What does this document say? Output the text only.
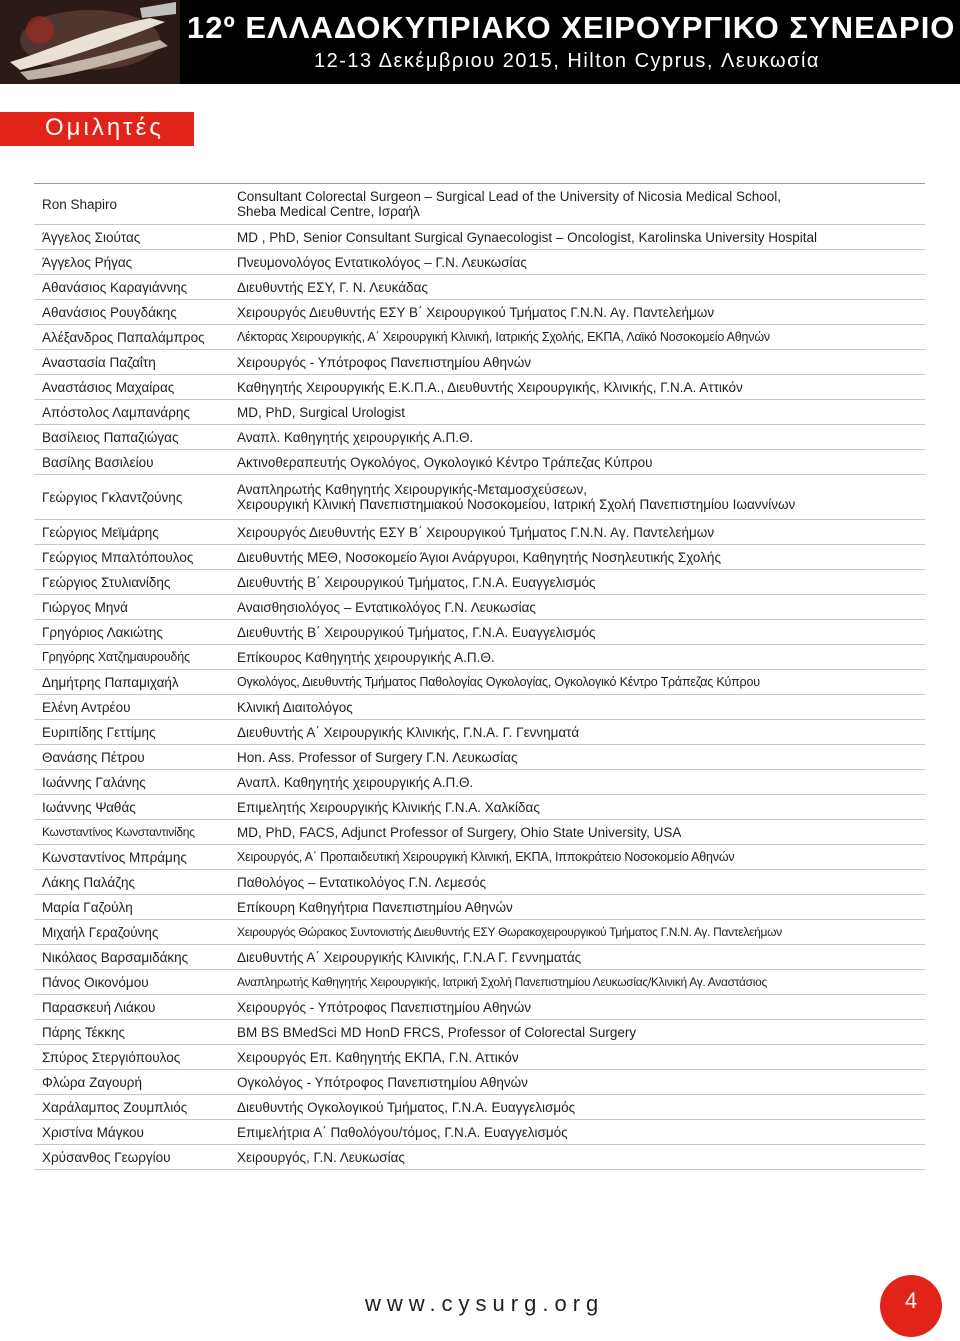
12º ΕΛΛΑΔΟΚΥΠΡΙΑΚΟ ΧΕΙΡΟΥΡΓΙΚΟ ΣΥΝΕΔΡΙΟ
12-13 Δεκέμβριου 2015, Hilton Cyprus, Λευκωσία
Ομιλητές
Ron Shapiro	Consultant Colorectal Surgeon – Surgical Lead of the University of Nicosia Medical School,
Sheba Medical Centre, Ισραήλ

Άγγελος Σιούτας	MD , PhD, Senior Consultant Surgical Gynaecologist – Oncologist, Karolinska University Hospital

Άγγελος Ρήγας	Πνευμονολόγος Εντατικολόγος – Γ.Ν. Λευκωσίας

Αθανάσιος Καραγιάννης	Διευθυντής ΕΣΥ, Γ. Ν. Λευκάδας

Αθανάσιος Ρουγδάκης	Χειρουργός Διευθυντής ΕΣΥ Β΄ Χειρουργικού Τμήματος Γ.Ν.Ν. Αγ. Παντελεήμων

Αλέξανδρος Παπαλάμπρος	Λέκτορας Χειρουργικής, Α΄ Χειρουργική Κλινική, Ιατρικής Σχολής, ΕΚΠΑ, Λαϊκό Νοσοκομείο Αθηνών

Αναστασία Παζαΐτη	Χειρουργός - Υπότροφος Πανεπιστημίου Αθηνών

Αναστάσιος Μαχαίρας	Καθηγητής Χειρουργικής Ε.Κ.Π.Α., Διευθυντής Χειρουργικής, Κλινικής, Γ.Ν.Α. Αττικόν

Απόστολος Λαμπανάρης	MD, PhD, Surgical Urologist

Βασίλειος Παπαζιώγας	Αναπλ. Καθηγητής χειρουργικής Α.Π.Θ.

Βασίλης Βασιλείου	Ακτινοθεραπευτής Ογκολόγος, Ογκολογικό Κέντρο Τράπεζας Κύπρου

Γεώργιος Γκλαντζούνης	Αναπληρωτής Καθηγητής Χειρουργικής-Μεταμοσχεύσεων,
Χειρουργική Κλινική Πανεπιστημιακού Νοσοκομείου, Ιατρική Σχολή Πανεπιστημίου Ιωαννίνων

Γεώργιος Μεϊμάρης	Χειρουργός Διευθυντής ΕΣΥ Β΄ Χειρουργικού Τμήματος Γ.Ν.Ν. Αγ. Παντελεήμων

Γεώργιος Μπαλτόπουλος	Διευθυντής ΜΕΘ, Νοσοκομείο Άγιοι Ανάργυροι, Καθηγητής Νοσηλευτικής Σχολής

Γεώργιος Στυλιανίδης	Διευθυντής Β΄ Χειρουργικού Τμήματος, Γ.Ν.Α. Ευαγγελισμός

Γιώργος Μηνά	Αναισθησιολόγος – Εντατικολόγος Γ.Ν. Λευκωσίας

Γρηγόριος Λακιώτης	Διευθυντής Β΄ Χειρουργικού Τμήματος, Γ.Ν.Α. Ευαγγελισμός

Γρηγόρης Χατζημαυρουδής	Επίκουρος Καθηγητής χειρουργικής Α.Π.Θ.

Δημήτρης Παπαμιχαήλ	Ογκολόγος, Διευθυντής Τμήματος Παθολογίας Ογκολογίας, Ογκολογικό Κέντρο Τράπεζας Κύπρου

Ελένη Αντρέου	Κλινική Διαιτολόγος

Ευριπίδης Γεττίμης	Διευθυντής Α΄ Χειρουργικής Κλινικής, Γ.Ν.Α. Γ. Γεννηματά

Θανάσης Πέτρου	Hon. Ass. Professor of Surgery Γ.Ν. Λευκωσίας

Ιωάννης Γαλάνης	Αναπλ. Καθηγητής χειρουργικής Α.Π.Θ.

Ιωάννης Ψαθάς	Επιμελητής Χειρουργικής Κλινικής Γ.Ν.Α. Χαλκίδας

Κωνσταντίνος Κωνσταντινίδης	MD, PhD, FACS, Adjunct Professor of Surgery, Ohio State University, USA

Κωνσταντίνος Μπράμης	Χειρουργός, Α΄ Προπαιδευτική Χειρουργική Κλινική, ΕΚΠΑ, Ιπποκράτειο Νοσοκομείο Αθηνών

Λάκης Παλάζης	Παθολόγος – Εντατικολόγος Γ.Ν. Λεμεσός

Μαρία Γαζούλη	Επίκουρη Καθηγήτρια Πανεπιστημίου Αθηνών

Μιχαήλ Γεραζούνης	Χειρουργός Θώρακος Συντονιστής Διευθυντής ΕΣΥ Θωρακοχειρουργικού Τμήματος Γ.Ν.Ν. Αγ. Παντελεήμων

Νικόλαος Βαρσαμιδάκης	Διευθυντής Α΄ Χειρουργικής Κλινικής, Γ.Ν.Α Γ. Γεννηματάς

Πάνος Οικονόμου	Αναπληρωτής Καθηγητής Χειρουργικής, Ιατρική Σχολή Πανεπιστημίου Λευκωσίας/Κλινική Αγ. Αναστάσιος

Παρασκευή Λιάκου	Χειρουργός - Υπότροφος Πανεπιστημίου Αθηνών

Πάρης Τέκκης	BM BS BMedSci MD HonD FRCS, Professor of Colorectal Surgery

Σπύρος Στεργιόπουλος	Χειρουργός Επ. Καθηγητής ΕΚΠΑ, Γ.Ν. Αττικόν

Φλώρα Ζαγουρή	Ογκολόγος - Υπότροφος Πανεπιστημίου Αθηνών

Χαράλαμπος Ζουμπλιός	Διευθυντής Ογκολογικού Τμήματος, Γ.Ν.Α. Ευαγγελισμός

Χριστίνα Μάγκου	Επιμελήτρια Α΄ Παθολόγου/τόμος, Γ.Ν.Α. Ευαγγελισμός

Χρύσανθος Γεωργίου	Χειρουργός, Γ.Ν. Λευκωσίας
www.cysurg.org	4
